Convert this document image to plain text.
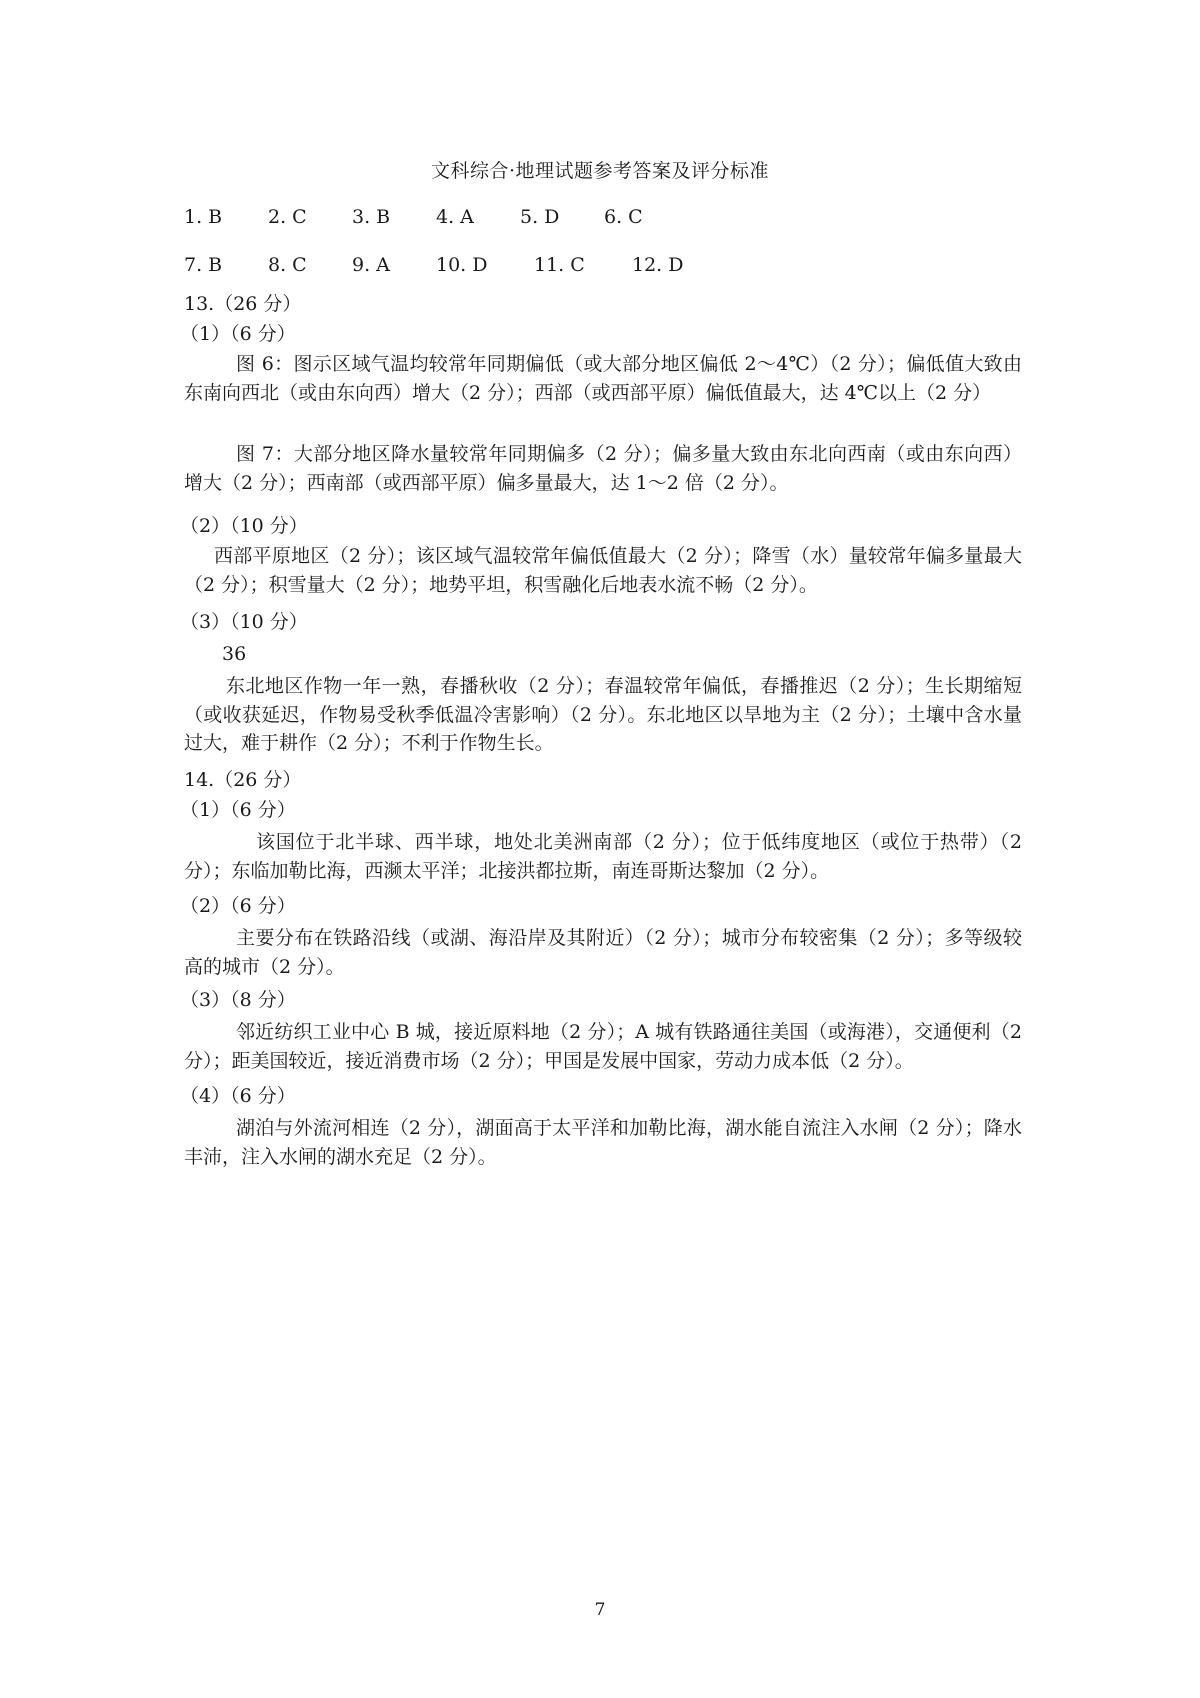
文科综合·地理试题参考答案及评分标准
1. B	2. C	3. B	4. A	5. D	6. C
7. B	8. C	9. A	10. D	11. C	12. D
13.（26 分）
（1）（6 分）
图 6：图示区域气温均较常年同期偏低（或大部分地区偏低 2～4℃）（2 分）；偏低值大致由东南向西北（或由东向西）增大（2 分）；西部（或西部平原）偏低值最大，达 4℃以上（2 分）
图 7：大部分地区降水量较常年同期偏多（2 分）；偏多量大致由东北向西南（或由东向西）增大（2 分）；西南部（或西部平原）偏多量最大，达 1～2 倍（2 分）。
（2）（10 分）
西部平原地区（2 分）；该区域气温较常年偏低值最大（2 分）；降雪（水）量较常年偏多量最大（2 分）；积雪量大（2 分）；地势平坦，积雪融化后地表水流不畅（2 分）。
（3）（10 分）
36
东北地区作物一年一熟，春播秋收（2 分）；春温较常年偏低，春播推迟（2 分）；生长期缩短（或收获延迟，作物易受秋季低温冷害影响）（2 分）。东北地区以旱地为主（2 分）；土壤中含水量过大，难于耕作（2 分）；不利于作物生长。
14.（26 分）
（1）（6 分）
该国位于北半球、西半球，地处北美洲南部（2 分）；位于低纬度地区（或位于热带）（2 分）；东临加勒比海，西濒太平洋；北接洪都拉斯，南连哥斯达黎加（2 分）。
（2）（6 分）
主要分布在铁路沿线（或湖、海沿岸及其附近）（2 分）；城市分布较密集（2 分）；多等级较高的城市（2 分）。
（3）（8 分）
邻近纺织工业中心 B 城，接近原料地（2 分）；A 城有铁路通往美国（或海港），交通便利（2 分）；距美国较近，接近消费市场（2 分）；甲国是发展中国家，劳动力成本低（2 分）。
（4）（6 分）
湖泊与外流河相连（2 分），湖面高于太平洋和加勒比海，湖水能自流注入水闸（2 分）；降水丰沛，注入水闸的湖水充足（2 分）。
7
